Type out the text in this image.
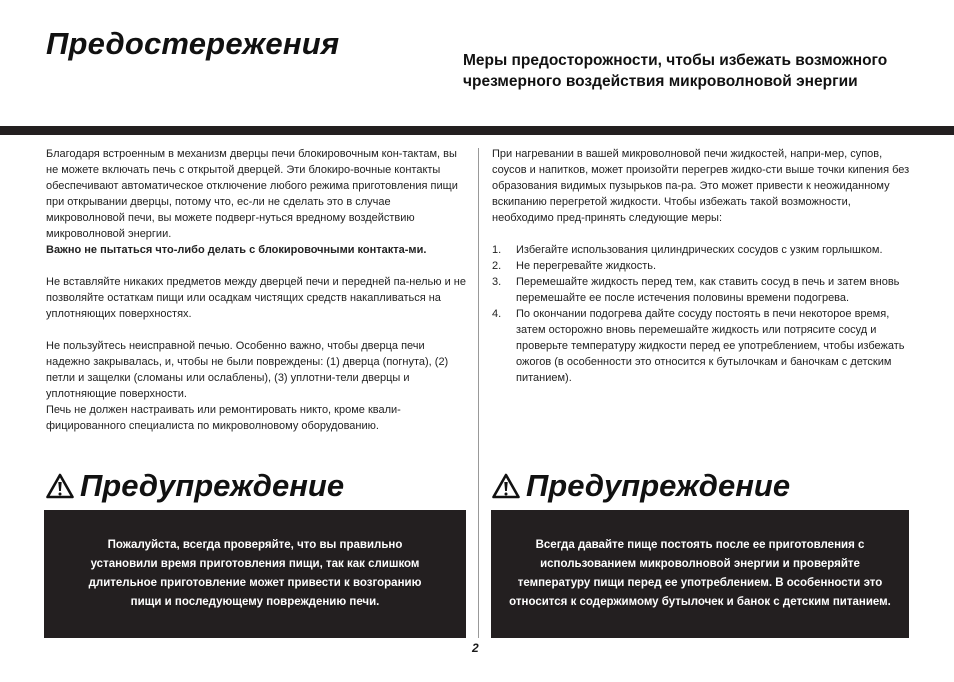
Предостережения	Меры предосторожности, чтобы избежать возможного чрезмерного воздействия микроволновой энергии

Благодаря встроенным в механизм дверцы печи блокировочным кон-тактам, вы не можете включать печь с открытой дверцей. Эти блокиро-вочные контакты обеспечивают автоматическое отключение любого режима приготовления пищи при открывании дверцы, потому что, ес-ли не сделать это в случае микроволновой печи, вы можете подверг-нуться вредному воздействию микроволновой энергии.

Важно не пытаться что-либо делать с блокировочными контакта-ми.

Не вставляйте никаких предметов между дверцей печи и передней па-нелью и не позволяйте остаткам пищи или осадкам чистящих средств накапливаться на уплотняющих поверхностях.

Не пользуйтесь неисправной печью. Особенно важно, чтобы дверца печи надежно закрывалась, и, чтобы не были повреждены: (1) дверца (погнута), (2) петли и защелки (сломаны или ослаблены), (3) уплотни-тели дверцы и уплотняющие поверхности.

Печь не должен настраивать или ремонтировать никто, кроме квали-фицированного специалиста по микроволновому оборудованию.

При нагревании в вашей микроволновой печи жидкостей, напри-мер, супов, соусов и напитков, может произойти перегрев жидко-сти выше точки кипения без образования видимых пузырьков па-ра. Это может привести к неожиданному вскипанию перегретой жидкости. Чтобы избежать такой возможности, необходимо пред-принять следующие меры:

1. Избегайте использования цилиндрических сосудов с узким горлышком.
2. Не перегревайте жидкость.
3. Перемешайте жидкость перед тем, как ставить сосуд в печь и затем вновь перемешайте ее после истечения половины времени подогрева.
4. По окончании подогрева дайте сосуду постоять в печи некоторое время, затем осторожно вновь перемешайте жидкость или потрясите сосуд и проверьте температуру жидкости перед ее употреблением, чтобы избежать ожогов (в особенности это относится к бутылочкам и баночкам с детским питанием).
Предупреждение
Пожалуйста, всегда проверяйте, что вы правильно установили время приготовления пищи, так как слишком длительное приготовление может привести к возгоранию пищи и последующему повреждению печи.
Предупреждение
Всегда давайте пище постоять после ее приготовления с использованием микроволновой энергии и проверяйте температуру пищи перед ее употреблением. В особенности это относится к содержимому бутылочек и банок с детским питанием.
2
